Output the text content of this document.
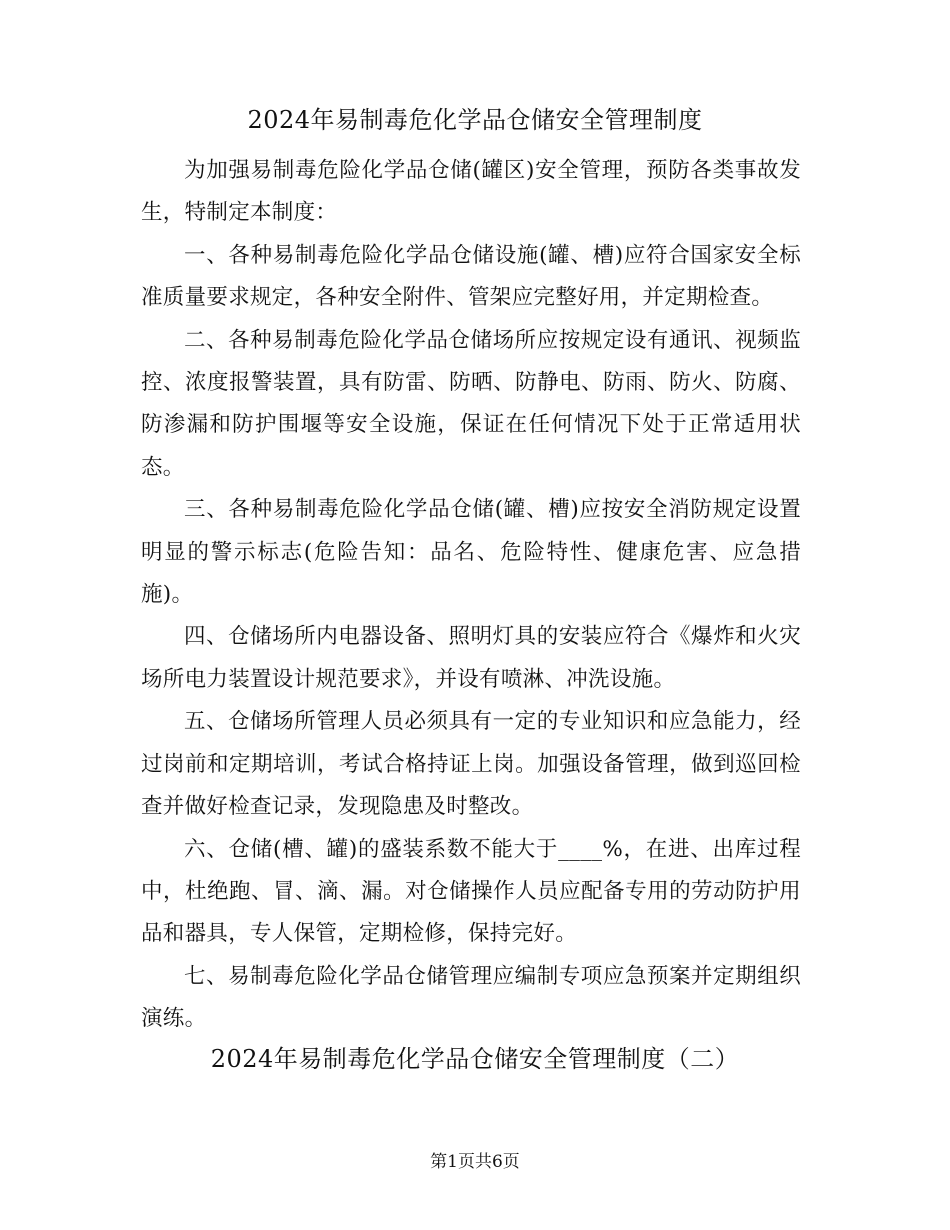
2024年易制毒危化学品仓储安全管理制度

为加强易制毒危险化学品仓储(罐区)安全管理，预防各类事故发生，特制定本制度：

一、各种易制毒危险化学品仓储设施(罐、槽)应符合国家安全标准质量要求规定，各种安全附件、管架应完整好用，并定期检查。

二、各种易制毒危险化学品仓储场所应按规定设有通讯、视频监控、浓度报警装置，具有防雷、防晒、防静电、防雨、防火、防腐、防渗漏和防护围堰等安全设施，保证在任何情况下处于正常适用状态。

三、各种易制毒危险化学品仓储(罐、槽)应按安全消防规定设置明显的警示标志(危险告知：品名、危险特性、健康危害、应急措施)。

四、仓储场所内电器设备、照明灯具的安装应符合《爆炸和火灾场所电力装置设计规范要求》，并设有喷淋、冲洗设施。

五、仓储场所管理人员必须具有一定的专业知识和应急能力，经过岗前和定期培训，考试合格持证上岗。加强设备管理，做到巡回检查并做好检查记录，发现隐患及时整改。

六、仓储(槽、罐)的盛装系数不能大于____%，在进、出库过程中，杜绝跑、冒、滴、漏。对仓储操作人员应配备专用的劳动防护用品和器具，专人保管，定期检修，保持完好。

七、易制毒危险化学品仓储管理应编制专项应急预案并定期组织演练。

2024年易制毒危化学品仓储安全管理制度（二）
第1页共6页
